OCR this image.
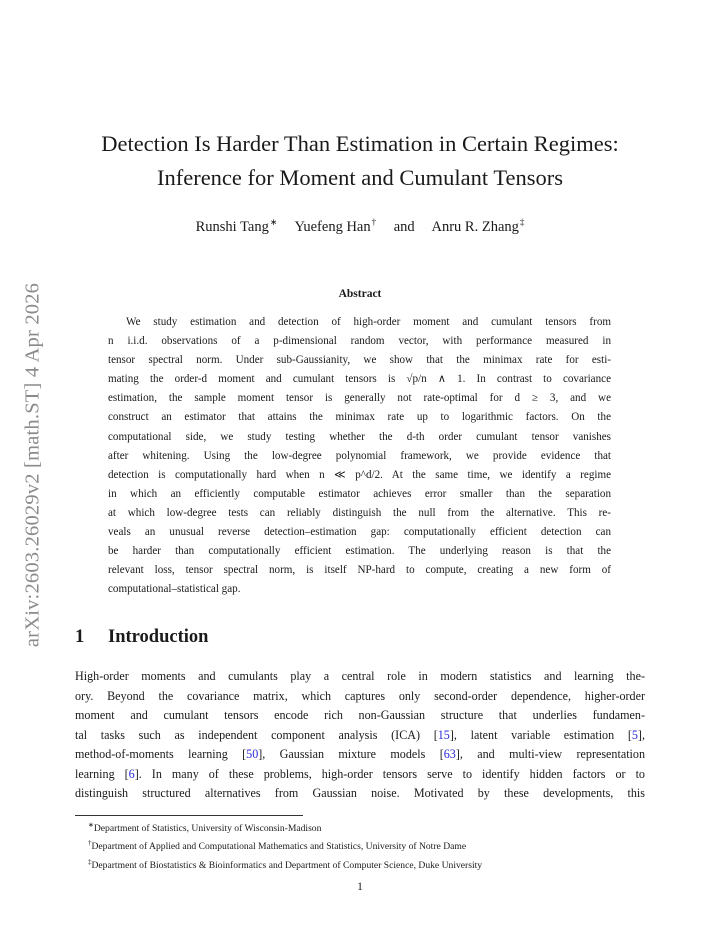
arXiv:2603.26029v2 [math.ST] 4 Apr 2026
Detection Is Harder Than Estimation in Certain Regimes:
Inference for Moment and Cumulant Tensors
Runshi Tang∗ Yuefeng Han† and Anru R. Zhang‡
Abstract

We study estimation and detection of high-order moment and cumulant tensors from
n i.i.d. observations of a p-dimensional random vector, with performance measured in
tensor spectral norm. Under sub-Gaussianity, we show that the minimax rate for esti-
mating the order-d moment and cumulant tensors is √p/n ∧ 1. In contrast to covariance
estimation, the sample moment tensor is generally not rate-optimal for d ≥ 3, and we
construct an estimator that attains the minimax rate up to logarithmic factors. On the
computational side, we study testing whether the d-th order cumulant tensor vanishes
after whitening. Using the low-degree polynomial framework, we provide evidence that
detection is computationally hard when n ≪ p^d/2. At the same time, we identify a regime
in which an efficiently computable estimator achieves error smaller than the separation
at which low-degree tests can reliably distinguish the null from the alternative. This re-
veals an unusual reverse detection–estimation gap: computationally efficient detection can
be harder than computationally efficient estimation. The underlying reason is that the
relevant loss, tensor spectral norm, is itself NP-hard to compute, creating a new form of
computational–statistical gap.

1 Introduction

High-order moments and cumulants play a central role in modern statistics and learning the-
ory. Beyond the covariance matrix, which captures only second-order dependence, higher-order
moment and cumulant tensors encode rich non-Gaussian structure that underlies fundamen-
tal tasks such as independent component analysis (ICA) [15], latent variable estimation [5],
method-of-moments learning [50], Gaussian mixture models [63], and multi-view representation
learning [6]. In many of these problems, high-order tensors serve to identify hidden factors or to
distinguish structured alternatives from Gaussian noise. Motivated by these developments, this

∗Department of Statistics, University of Wisconsin-Madison
†Department of Applied and Computational Mathematics and Statistics, University of Notre Dame
‡Department of Biostatistics & Bioinformatics and Department of Computer Science, Duke University
1
